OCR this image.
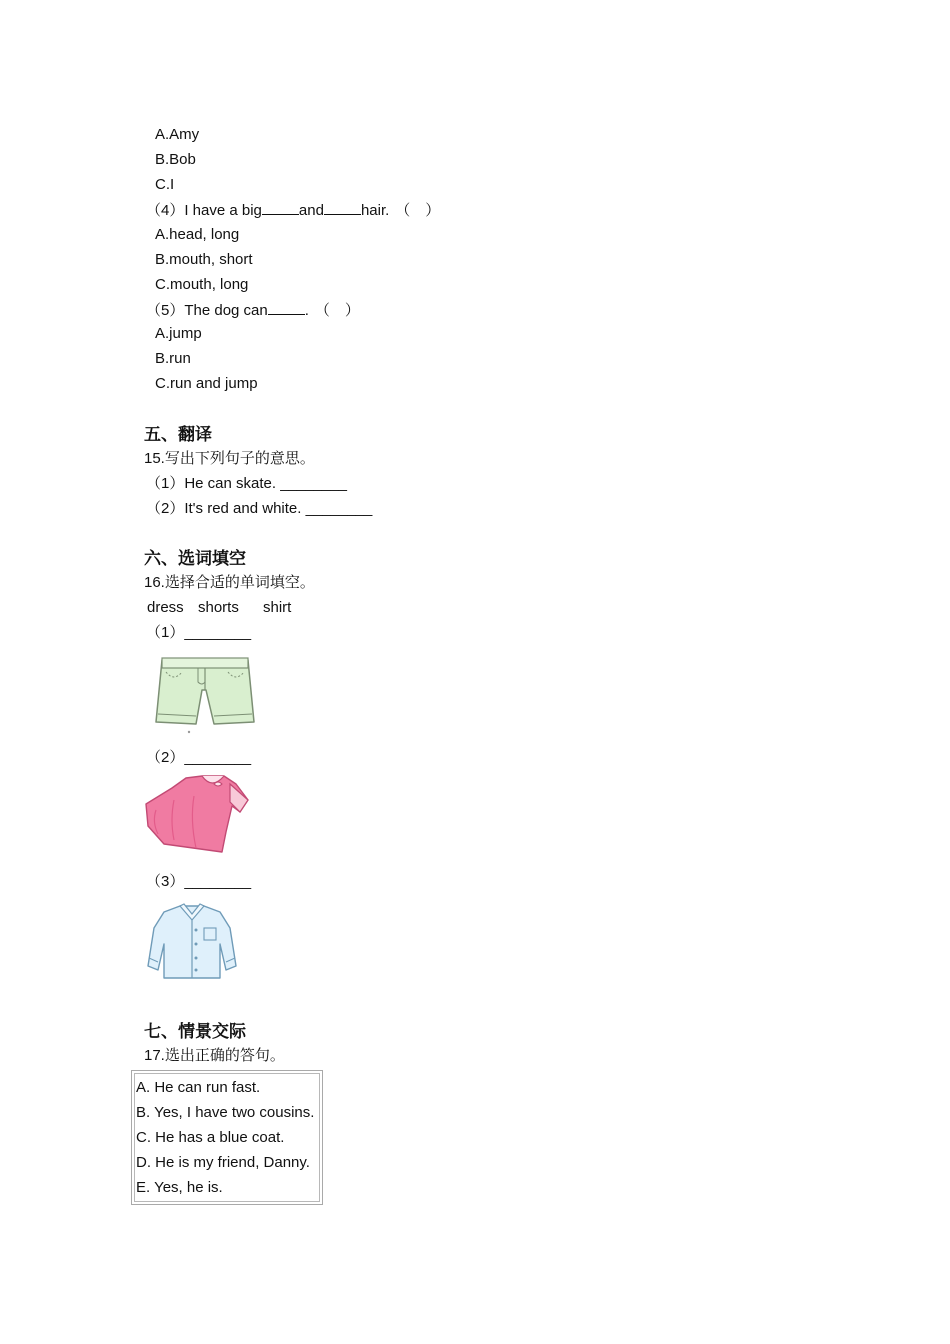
A.Amy
B.Bob
C.I
（4）I have a big and hair. （　）
A.head, long
B.mouth, short
C.mouth, long
（5）The dog can . （　）
A.jump
B.run
C.run and jump
五、翻译
15.写出下列句子的意思。
（1）He can skate. ________
（2）It's red and white. ________
六、选词填空
16.选择合适的单词填空。
dress shorts shirt
（1）________
（2）________
（3）________
七、情景交际
17.选出正确的答句。
A. He can run fast.
B. Yes, I have two cousins.
C. He has a blue coat.
D. He is my friend, Danny.
E. Yes, he is.
